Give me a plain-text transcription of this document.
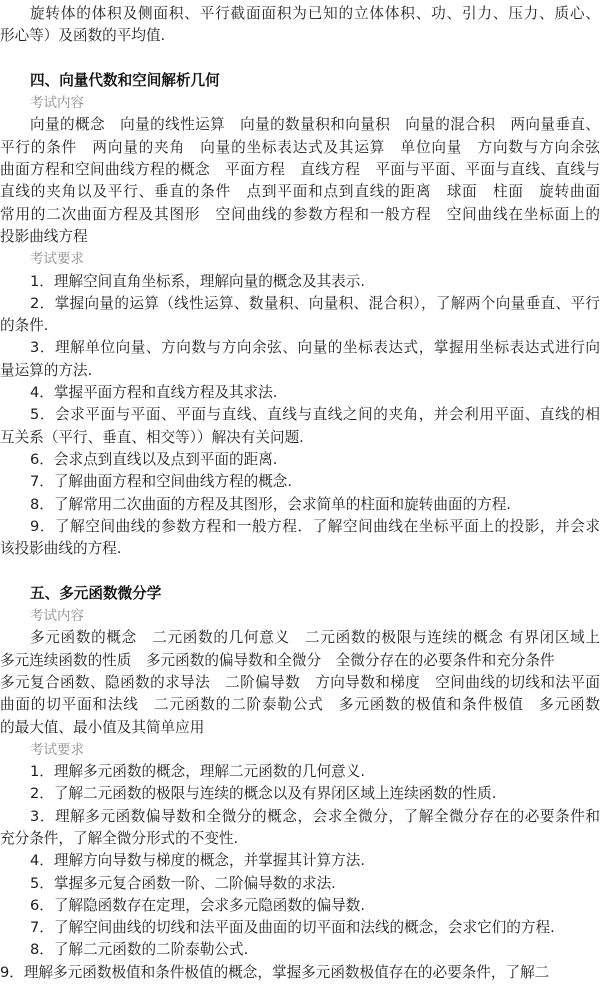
旋转体的体积及侧面积、平行截面面积为已知的立体体积、功、引力、压力、质心、
形心等）及函数的平均值.
四、向量代数和空间解析几何
考试内容
向量的概念　向量的线性运算　向量的数量积和向量积　向量的混合积　两向量垂直、
平行的条件　两向量的夹角　向量的坐标表达式及其运算　单位向量　方向数与方向余弦
曲面方程和空间曲线方程的概念　平面方程　直线方程　平面与平面、平面与直线、直线与
直线的夹角以及平行、垂直的条件　点到平面和点到直线的距离　球面　柱面　旋转曲面
常用的二次曲面方程及其图形　空间曲线的参数方程和一般方程　空间曲线在坐标面上的
投影曲线方程
考试要求
1．理解空间直角坐标系，理解向量的概念及其表示.
2．掌握向量的运算（线性运算、数量积、向量积、混合积），了解两个向量垂直、平行
的条件.
3．理解单位向量、方向数与方向余弦、向量的坐标表达式，掌握用坐标表达式进行向
量运算的方法.
4．掌握平面方程和直线方程及其求法.
5．会求平面与平面、平面与直线、直线与直线之间的夹角，并会利用平面、直线的相
互关系（平行、垂直、相交等））解决有关问题.
6．会求点到直线以及点到平面的距离.
7．了解曲面方程和空间曲线方程的概念.
8．了解常用二次曲面的方程及其图形，会求简单的柱面和旋转曲面的方程.
9．了解空间曲线的参数方程和一般方程．了解空间曲线在坐标平面上的投影，并会求
该投影曲线的方程.
五、多元函数微分学
考试内容
多元函数的概念　二元函数的几何意义　二元函数的极限与连续的概念 有界闭区域上
多元连续函数的性质　多元函数的偏导数和全微分　全微分存在的必要条件和充分条件
多元复合函数、隐函数的求导法　二阶偏导数　方向导数和梯度　空间曲线的切线和法平面
曲面的切平面和法线　二元函数的二阶泰勒公式　多元函数的极值和条件极值　多元函数
的最大值、最小值及其简单应用
考试要求
1．理解多元函数的概念，理解二元函数的几何意义.
2．了解二元函数的极限与连续的概念以及有界闭区域上连续函数的性质.
3．理解多元函数偏导数和全微分的概念，会求全微分，了解全微分存在的必要条件和
充分条件，了解全微分形式的不变性.
4．理解方向导数与梯度的概念，并掌握其计算方法.
5．掌握多元复合函数一阶、二阶偏导数的求法.
6．了解隐函数存在定理，会求多元隐函数的偏导数.
7．了解空间曲线的切线和法平面及曲面的切平面和法线的概念，会求它们的方程.
8．了解二元函数的二阶泰勒公式.
9．理解多元函数极值和条件极值的概念，掌握多元函数极值存在的必要条件，了解二
